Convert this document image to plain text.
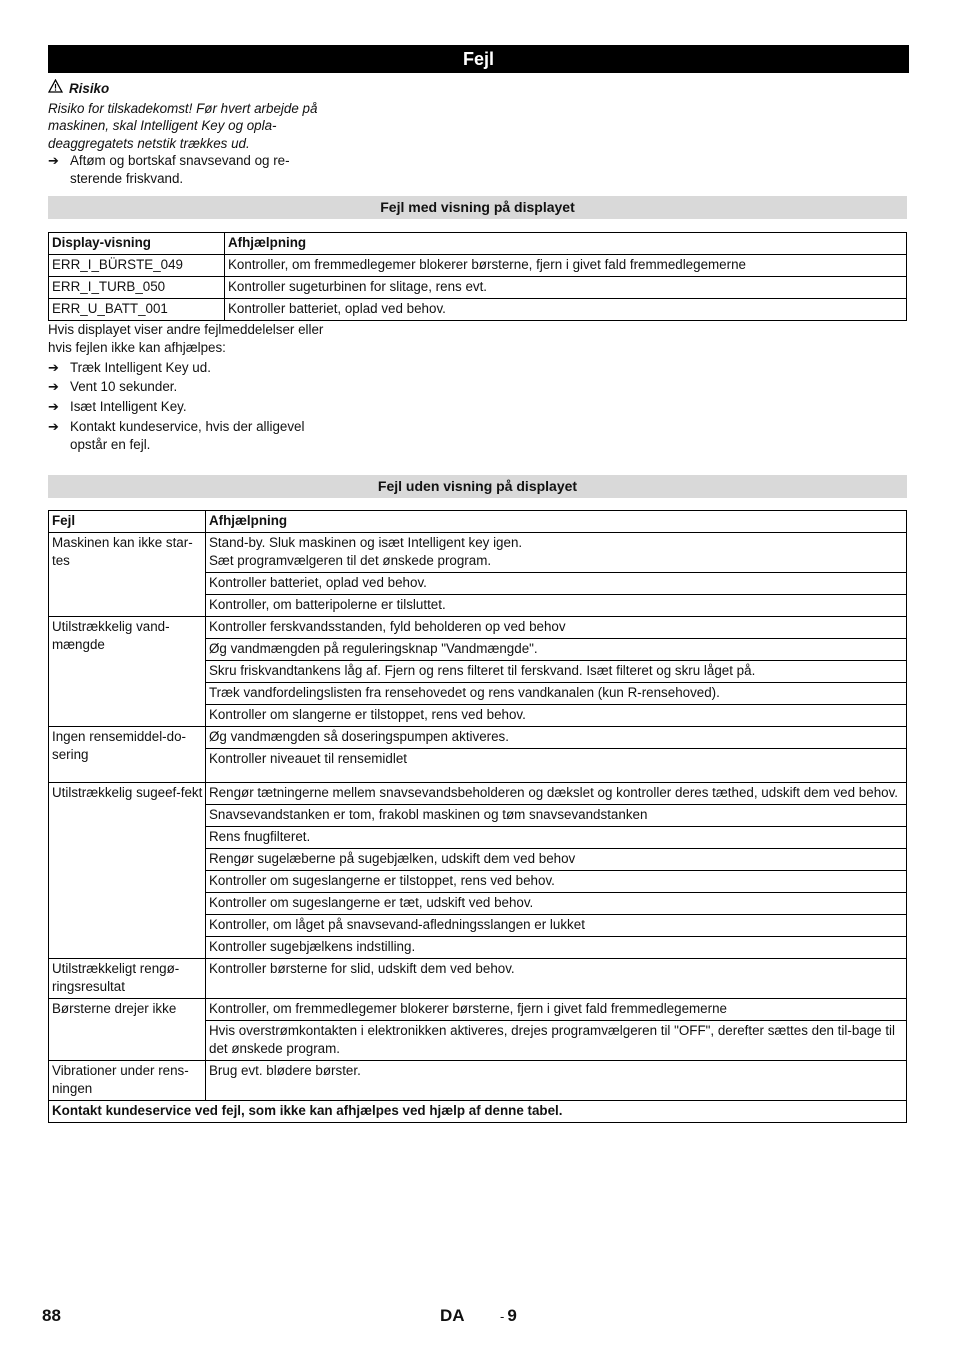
Fejl
Risiko
Risiko for tilskadekomst! Før hvert arbejde på maskinen, skal Intelligent Key og opla-deaggregatets netstik trækkes ud.
➔ Aftøm og bortskaf snavsevand og re-sterende friskvand.
Fejl med visning på displayet
Display-visning	Afhjælpning
ERR_I_BÜRSTE_049	Kontroller, om fremmedlegemer blokerer børsterne, fjern i givet fald fremmedlegemerne
ERR_I_TURB_050	Kontroller sugeturbinen for slitage, rens evt.
ERR_U_BATT_001	Kontroller batteriet, oplad ved behov.
Hvis displayet viser andre fejlmeddelelser eller hvis fejlen ikke kan afhjælpes:
➔ Træk Intelligent Key ud.
➔ Vent 10 sekunder.
➔ Isæt Intelligent Key.
➔ Kontakt kundeservice, hvis der alligevel opstår en fejl.
Fejl uden visning på displayet
Fejl	Afhjælpning
Maskinen kan ikke star-tes	Stand-by. Sluk maskinen og isæt Intelligent key igen.
Sæt programvælgeren til det ønskede program.
	Kontroller batteriet, oplad ved behov.
	Kontroller, om batteripolerne er tilsluttet.
Utilstrækkelig vand-mængde	Kontroller ferskvandsstanden, fyld beholderen op ved behov
	Øg vandmængden på reguleringsknap "Vandmængde".
	Skru friskvandtankens låg af. Fjern og rens filteret til ferskvand. Isæt filteret og skru låget på.
	Træk vandfordelingslisten fra rensehovedet og rens vandkanalen (kun R-rensehoved).
	Kontroller om slangerne er tilstoppet, rens ved behov.
Ingen rensemiddel-do-sering	Øg vandmængden så doseringspumpen aktiveres.
	Kontroller niveauet til rensemidlet
Utilstrækkelig sugeef-fekt	Rengør tætningerne mellem snavsevandsbeholderen og dækslet og kontroller deres tæthed, udskift dem ved behov.
	Snavsevandstanken er tom, frakobl maskinen og tøm snavsevandstanken
	Rens fnugfilteret.
	Rengør sugelæberne på sugebjælken, udskift dem ved behov
	Kontroller om sugeslangerne er tilstoppet, rens ved behov.
	Kontroller om sugeslangerne er tæt, udskift ved behov.
	Kontroller, om låget på snavsevand-afledningsslangen er lukket
	Kontroller sugebjælkens indstilling.
Utilstrækkeligt rengø-ringsresultat	Kontroller børsterne for slid, udskift dem ved behov.
Børsterne drejer ikke	Kontroller, om fremmedlegemer blokerer børsterne, fjern i givet fald fremmedlegemerne
	Hvis overstrømkontakten i elektronikken aktiveres, drejes programvælgeren til "OFF", derefter sættes den til-bage til det ønskede program.
Vibrationer under rens-ningen	Brug evt. blødere børster.
Kontakt kundeservice ved fejl, som ikke kan afhjælpes ved hjælp af denne tabel.	
88	DA	- 9
